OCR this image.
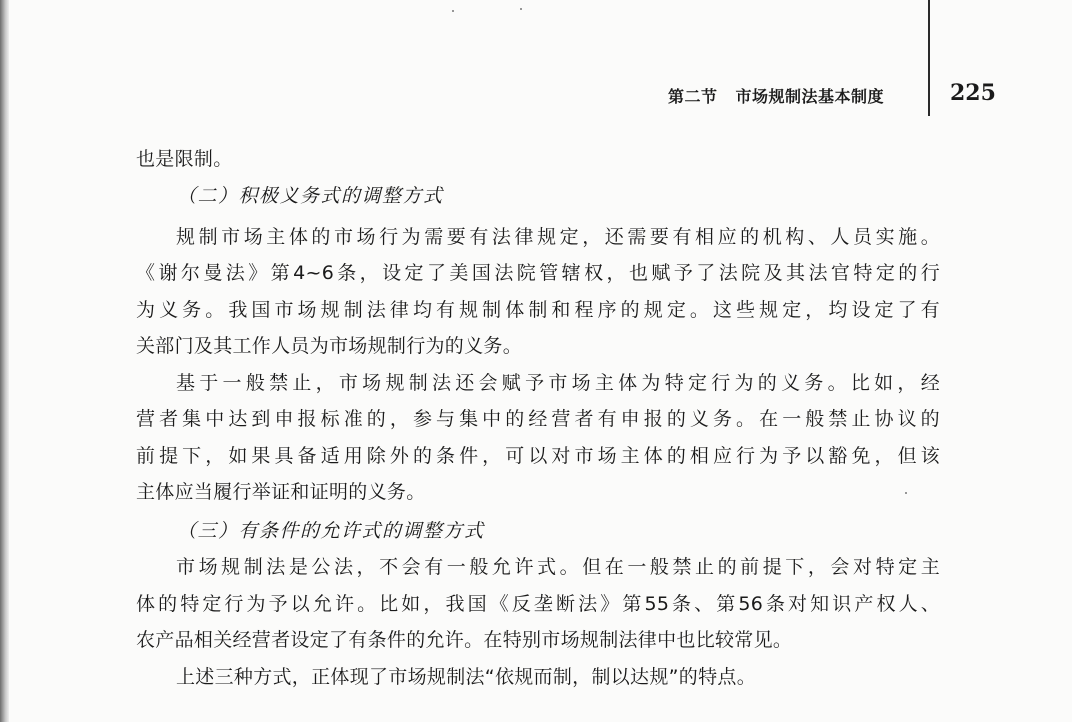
第二节 市场规制法基本制度	225
也是限制。
（二）积极义务式的调整方式
规制市场主体的市场行为需要有法律规定，还需要有相应的机构、人员实施。
《谢尔曼法》第4~6条，设定了美国法院管辖权，也赋予了法院及其法官特定的行
为义务。我国市场规制法律均有规制体制和程序的规定。这些规定，均设定了有
关部门及其工作人员为市场规制行为的义务。
基于一般禁止，市场规制法还会赋予市场主体为特定行为的义务。比如，经
营者集中达到申报标准的，参与集中的经营者有申报的义务。在一般禁止协议的
前提下，如果具备适用除外的条件，可以对市场主体的相应行为予以豁免，但该
主体应当履行举证和证明的义务。
（三）有条件的允许式的调整方式
市场规制法是公法，不会有一般允许式。但在一般禁止的前提下，会对特定主
体的特定行为予以允许。比如，我国《反垄断法》第55条、第56条对知识产权人、
农产品相关经营者设定了有条件的允许。在特别市场规制法律中也比较常见。
上述三种方式，正体现了市场规制法“依规而制，制以达规”的特点。
